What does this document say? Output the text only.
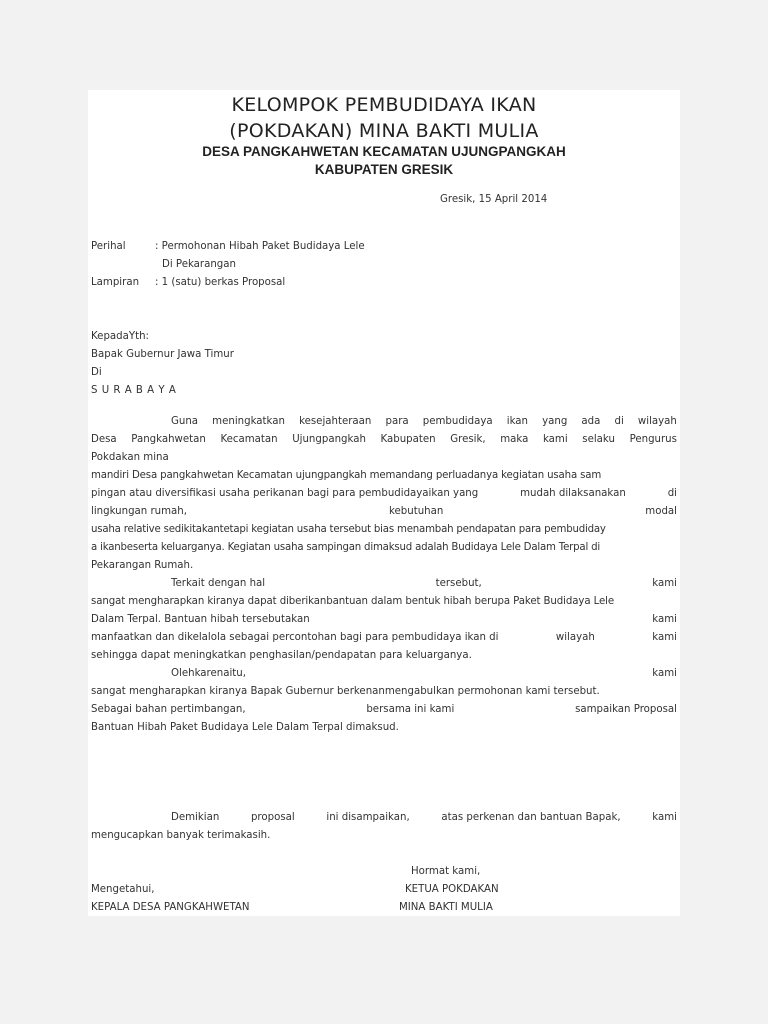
KELOMPOK PEMBUDIDAYA IKAN
(POKDAKAN) MINA BAKTI MULIA
DESA PANGKAHWETAN KECAMATAN UJUNGPANGKAH
KABUPATEN GRESIK
Gresik, 15 April 2014
Perihal	: Permohonan Hibah Paket Budidaya Lele
Di Pekarangan
Lampiran : 1 (satu) berkas Proposal
KepadaYth:
Bapak Gubernur Jawa Timur
Di
S U R A B A Y A
Guna meningkatkan kesejahteraan para pembudidaya ikan yang ada di wilayah
Desa Pangkahwetan Kecamatan Ujungpangkah Kabupaten Gresik, maka kami selaku Pengurus
Pokdakan mina
mandiri Desa pangkahwetan Kecamatan ujungpangkah memandang perluadanya kegiatan usaha sam
pingan atau diversifikasi usaha perikanan bagi para pembudidayaikan yang	mudah dilaksanakan	di
lingkungan rumah,	kebutuhan	modal
usaha relative sedikitakantetapi kegiatan usaha tersebut bias menambah pendapatan para pembudiday
a ikanbeserta keluarganya. Kegiatan usaha sampingan dimaksud adalah Budidaya Lele Dalam Terpal di
Pekarangan Rumah.
Terkait dengan hal	tersebut,	kami
sangat mengharapkan kiranya dapat diberikanbantuan dalam bentuk hibah berupa Paket Budidaya Lele
Dalam Terpal. Bantuan hibah tersebutakan	kami
manfaatkan dan dikelalola sebagai percontohan bagi para pembudidaya ikan di	wilayah	kami
sehingga dapat meningkatkan penghasilan/pendapatan para keluarganya.
Olehkarenaitu,	kami
sangat mengharapkan kiranya Bapak Gubernur berkenanmengabulkan permohonan kami tersebut.
Sebagai bahan pertimbangan,	bersama ini kami	sampaikan Proposal
Bantuan Hibah Paket Budidaya Lele Dalam Terpal dimaksud.
Demikian	proposal	ini disampaikan,	atas perkenan dan bantuan Bapak,	kami
mengucapkan banyak terimakasih.
Hormat kami,
Mengetahui,	KETUA POKDAKAN
KEPALA DESA PANGKAHWETAN	MINA BAKTI MULIA
